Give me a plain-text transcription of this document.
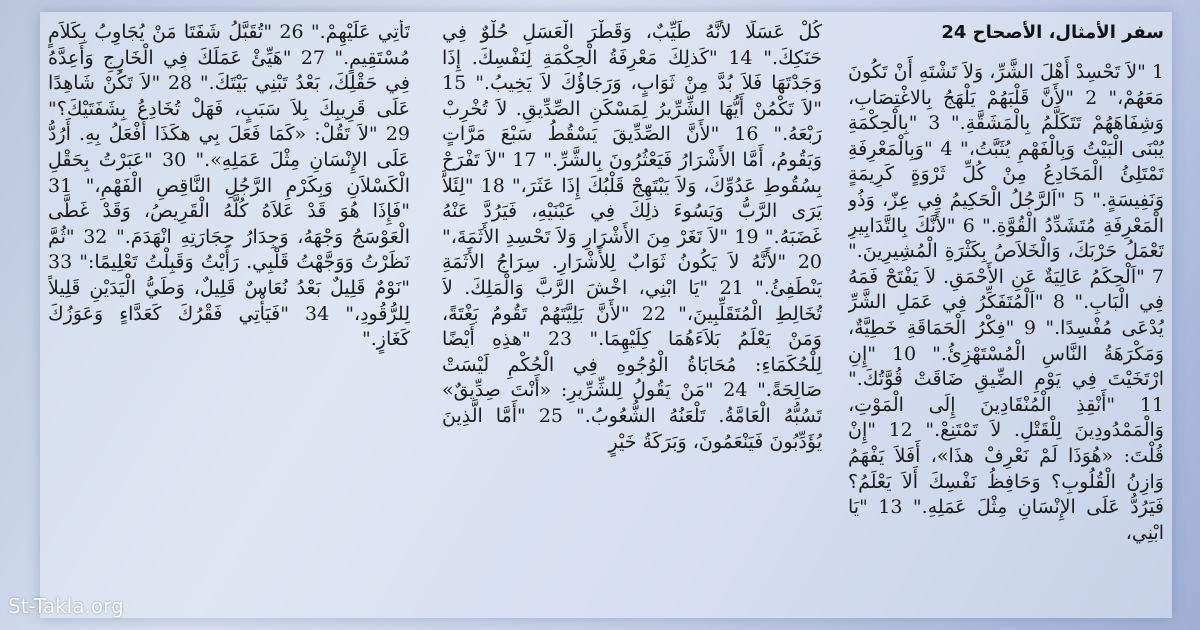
سفر الأمثال، الأصحاح 24

1 "لاَ تَحْسِدْ أَهْلَ الشَّرِّ، وَلاَ تَشْتَهِ أَنْ تَكُونَ مَعَهُمْ،" 2 "لأَنَّ قَلْبَهُمْ يَلْهَجُ بِالاغْتِصَابِ، وَشِفَاهَهُمْ تَتَكَلَّمُ بِالْمَشَقَّةِ." 3 "بِالْحِكْمَةِ يُبْنَى الْبَيْتُ وَبِالْفَهْمِ يُثَبَّتُ،" 4 "وَبِالْمَعْرِفَةِ تَمْتَلِئُ الْمَخَادِعُ مِنْ كُلِّ ثَرْوَةٍ كَرِيمَةٍ وَنَفِيسَةٍ." 5 "اَلرَّجُلُ الْحَكِيمُ فِي عِزّ، وَذُو الْمَعْرِفَةِ مُتَشَدِّدُ الْقُوَّةِ." 6 "لأَنَّكَ بِالتَّدَابِيرِ تَعْمَلُ حَرْبَكَ، وَالْخَلاَصُ بِكَثْرَةِ الْمُشِيرِينَ." 7 "اَلْحِكَمُ عَالِيَةٌ عَنِ الأَحْمَقِ. لاَ يَفْتَحْ فَمَهُ فِي الْبَابِ." 8 "اَلْمُتَفَكِّرُ فِي عَمَلِ الشَّرِّ يُدْعَى مُفْسِدًا." 9 "فِكْرُ الْحَمَاقَةِ خَطِيَّةٌ، وَمَكْرَهَةُ النَّاسِ الْمُسْتَهْزِئُ." 10 "إِنِ ارْتَخَيْتَ فِي يَوْمِ الضِّيقِ ضَاقَتْ قُوَّتُكَ." 11 "أَنْقِذِ الْمُنْقَادِينَ إِلَى الْمَوْتِ، وَالْمَمْدُودِينَ لِلْقَتْلِ. لاَ تَمْتَنِعْ." 12 "إِنْ قُلْتَ: «هُوَذَا لَمْ نَعْرِفْ هذَا»، أَفَلاَ يَفْهَمُ وَازِنُ الْقُلُوبِ؟ وَحَافِظُ نَفْسِكَ أَلاَ يَعْلَمُ؟ فَيَرُدُّ عَلَى الإِنْسَانِ مِثْلَ عَمَلِهِ." 13 "يَا ابْنِي،

كُلْ عَسَلًا لأَنَّهُ طَيِّبٌ، وَقَطْرَ الْعَسَلِ حُلْوٌ فِي حَنَكِكَ." 14 "كَذلِكَ مَعْرِفَةُ الْحِكْمَةِ لِنَفْسِكَ. إِذَا وَجَدْتَهَا فَلاَ بُدَّ مِنْ ثَوَابٍ، وَرَجَاؤُكَ لاَ يَخِيبُ." 15 "لاَ تَكْمُنْ أَيُّهَا الشِّرِّيرُ لِمَسْكَنِ الصِّدِّيقِ. لاَ تُخْرِبْ رَبْعَهُ." 16 "لأَنَّ الصِّدِّيقَ يَسْقُطُ سَبْعَ مَرَّاتٍ وَيَقُومُ، أَمَّا الأَشْرَارُ فَيَعْثُرُونَ بِالشَّرِّ." 17 "لاَ تَفْرَحْ بِسُقُوطِ عَدُوِّكَ، وَلاَ يَبْتَهِجْ قَلْبُكَ إِذَا عَثَرَ،" 18 "لِئَلاَّ يَرَى الرَّبُّ وَيَسُوءَ ذلِكَ فِي عَيْنَيْهِ، فَيَرُدَّ عَنْهُ غَضَبَهُ." 19 "لاَ تَغَرْ مِنَ الأَشْرَارِ وَلاَ تَحْسِدِ الأَثَمَةَ،" 20 "لأَنَّهُ لاَ يَكُونُ ثَوَابٌ لِلأَشْرَارِ. سِرَاجُ الأَثَمَةِ يَنْطَفِئُ." 21 "يَا ابْنِي، اخْشَ الرَّبَّ وَالْمَلِكَ. لاَ تُخَالِطِ الْمُتَقَلِّبِينَ،" 22 "لأَنَّ بَلِيَّتَهُمْ تَقُومُ بَغْتَةً، وَمَنْ يَعْلَمُ بَلاَءَهُمَا كِلَيْهِمَا." 23 "هذِهِ أَيْضًا لِلْحُكَمَاءِ: مُحَابَاةُ الْوُجُوهِ فِي الْحُكْمِ لَيْسَتْ صَالِحَةً." 24 "مَنْ يَقُولُ لِلشِّرِّيرِ: «أَنْتَ صِدِّيقٌ» تَسُبُّهُ الْعَامَّةُ. تَلْعَنُهُ الشُّعُوبُ." 25 "أَمَّا الَّذِينَ يُؤَدِّبُونَ فَيَنْعَمُونَ، وَبَرَكَةُ خَيْرٍ

تَأْتِي عَلَيْهِمْ." 26 "تُقَبَّلُ شَفَتَا مَنْ يُجَاوِبُ بِكَلاَمٍ مُسْتَقِيمٍ." 27 "هَيِّئْ عَمَلَكَ فِي الْخَارِجِ وَأَعِدَّهُ فِي حَقْلِكَ، بَعْدُ تَبْنِي بَيْتَكَ." 28 "لاَ تَكُنْ شَاهِدًا عَلَى قَرِيبِكَ بِلاَ سَبَبٍ، فَهَلْ تُخَادِعُ بِشَفَتَيْكَ؟" 29 "لاَ تَقُلْ: «كَمَا فَعَلَ بِي هكَذَا أَفْعَلُ بِهِ. أَرُدُّ عَلَى الإِنْسَانِ مِثْلَ عَمَلِهِ»." 30 "عَبَرْتُ بِحَقْلِ الْكَسْلاَنِ وَبِكَرْمِ الرَّجُلِ النَّاقِصِ الْفَهْمِ،" 31 "فَإِذَا هُوَ قَدْ عَلاَهُ كُلَّهُ الْقَرِيصُ، وَقَدْ غَطَّى الْعَوْسَجُ وَجْهَهُ، وَجِدَارُ حِجَارَتِهِ انْهَدَمَ." 32 "ثُمَّ نَظَرْتُ وَوَجَّهْتُ قَلْبِي. رَأَيْتُ وَقَبِلْتُ تَعْلِيمًا:" 33 "نَوْمٌ قَلِيلٌ بَعْدُ نُعَاسٌ قَلِيلٌ، وَطَيُّ الْيَدَيْنِ قَلِيلاً لِلرُّقُودِ،" 34 "فَيَأْتِي فَقْرُكَ كَعَدَّاءٍ وَعَوَزُكَ كَغَازٍ."

St-Takla.org
